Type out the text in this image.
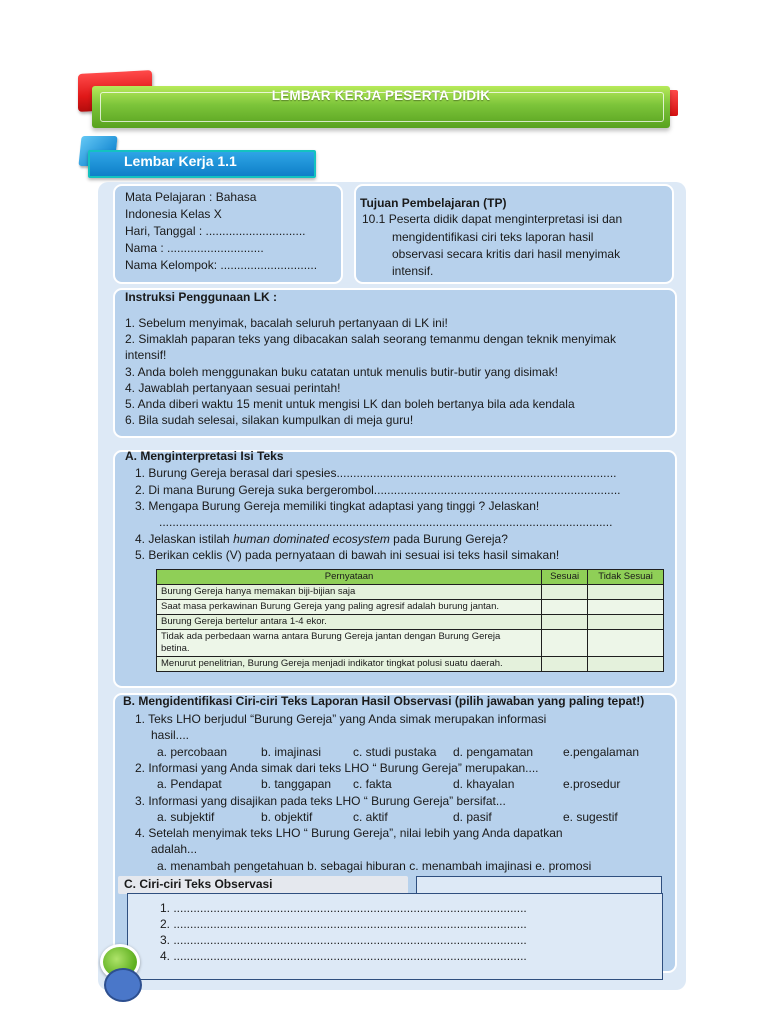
LEMBAR KERJA PESERTA DIDIK
Lembar Kerja 1.1
Mata Pelajaran : Bahasa
Indonesia Kelas X
Hari, Tanggal : ..............................
Nama : .............................
Nama Kelompok: .............................
Tujuan Pembelajaran (TP)
10.1 Peserta didik dapat menginterpretasi isi dan
mengidentifikasi ciri teks laporan hasil
observasi secara kritis dari hasil menyimak
intensif.
Instruksi Penggunaan LK :
1. Sebelum menyimak, bacalah seluruh pertanyaan di LK ini!
2. Simaklah paparan teks yang dibacakan salah seorang temanmu dengan teknik menyimak
intensif!
3. Anda boleh menggunakan buku catatan untuk menulis butir-butir yang disimak!
4. Jawablah pertanyaan sesuai perintah!
5. Anda diberi waktu 15 menit untuk mengisi LK dan boleh bertanya bila ada kendala
6. Bila sudah selesai, silakan kumpulkan di meja guru!
A. Menginterpretasi Isi Teks
1. Burung Gereja berasal dari spesies....................................................................................
2. Di mana Burung Gereja suka bergerombol..........................................................................
3. Mengapa Burung Gereja memiliki tingkat adaptasi yang tinggi ? Jelaskan!
........................................................................................................................................
4. Jelaskan istilah human dominated ecosystem pada Burung Gereja?
5. Berikan ceklis (V) pada pernyataan di bawah ini sesuai isi teks hasil simakan!
Pernyataan	Sesuai	Tidak Sesuai
Burung Gereja hanya memakan biji-bijian saja		
Saat masa perkawinan Burung Gereja yang paling agresif adalah burung jantan.		
Burung Gereja bertelur antara 1-4 ekor.		

Tidak ada perbedaan warna antara Burung Gereja jantan dengan Burung Gereja
betina.		

Menurut penelitrian, Burung Gereja menjadi indikator tingkat polusi suatu daerah.		
B. Mengidentifikasi Ciri-ciri Teks Laporan Hasil Observasi (pilih jawaban yang paling tepat!)
1. Teks LHO berjudul “Burung Gereja” yang Anda simak merupakan informasi
hasil....
a. percobaan	b. imajinasi	c. studi pustaka d. pengamatan e.pengalaman
2. Informasi yang Anda simak dari teks LHO “ Burung Gereja” merupakan....
a. Pendapat	b. tanggapan c. fakta	d. khayalan	e.prosedur
3. Informasi yang disajikan pada teks LHO “ Burung Gereja” bersifat...
a. subjektif	b. objektif	c. aktif	d. pasif	e. sugestif
4. Setelah menyimak teks LHO “ Burung Gereja”, nilai lebih yang Anda dapatkan
adalah...
a. menambah pengetahuan b. sebagai hiburan c. menambah imajinasi e. promosi
C. Ciri-ciri Teks Observasi
1. ..........................................................................................................
2. ..........................................................................................................
3. ..........................................................................................................
4. ..........................................................................................................
